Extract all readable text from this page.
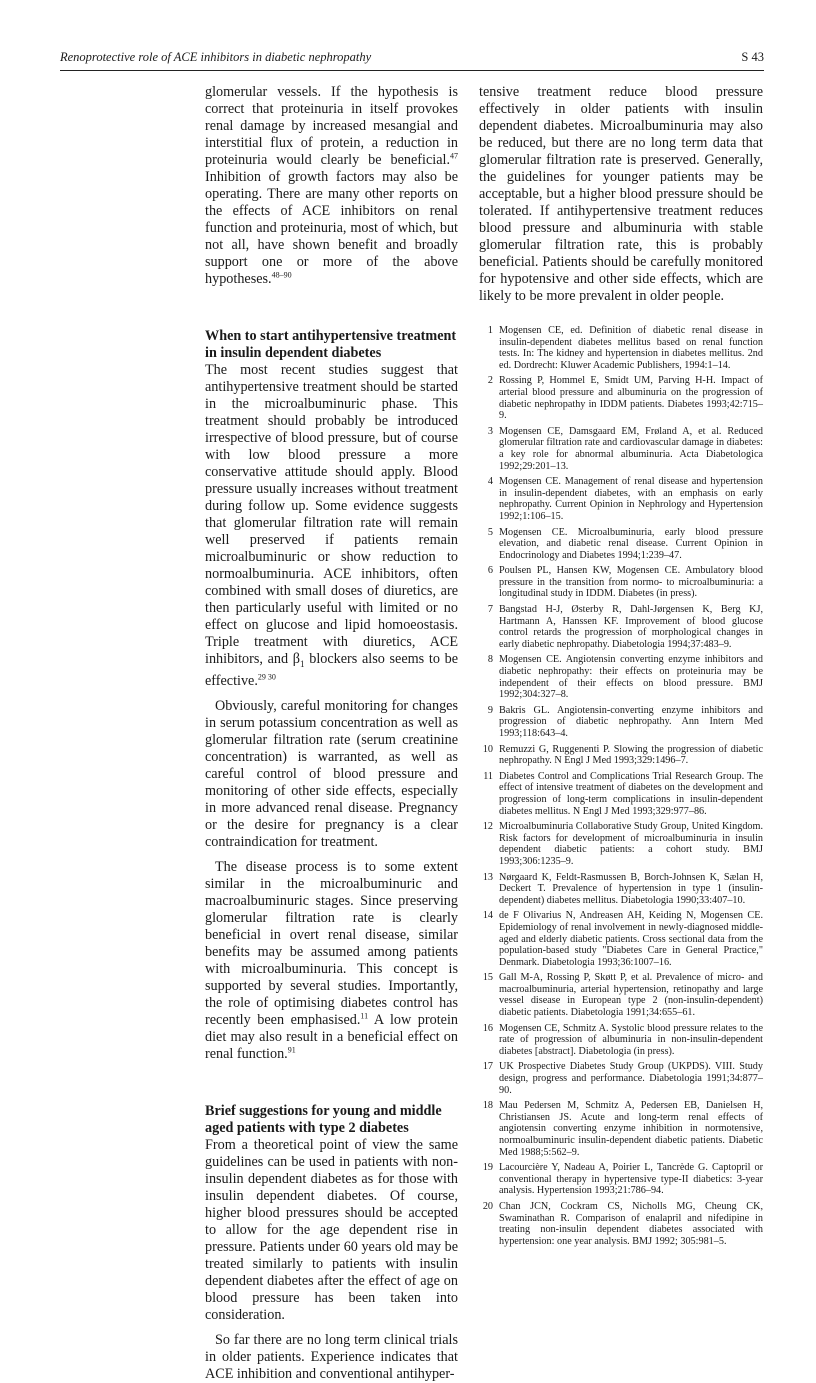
Renoprotective role of ACE inhibitors in diabetic nephropathy	S 43

glomerular vessels. If the hypothesis is correct that proteinuria in itself provokes renal damage by increased mesangial and interstitial flux of protein, a reduction in proteinuria would clearly be beneficial.$^{47}$ Inhibition of growth factors may also be operating. There are many other reports on the effects of ACE inhibitors on renal function and proteinuria, most of which, but not all, have shown benefit and broadly support one or more of the above hypotheses.$^{48-90}$

When to start antihypertensive treatment in insulin dependent diabetes

The most recent studies suggest that antihypertensive treatment should be started in the microalbuminuric phase. This treatment should probably be introduced irrespective of blood pressure, but of course with low blood pressure a more conservative attitude should apply. Blood pressure usually increases without treatment during follow up. Some evidence suggests that glomerular filtration rate will remain well preserved if patients remain microalbuminuric or show reduction to normoalbuminuria. ACE inhibitors, often combined with small doses of diuretics, are then particularly useful with limited or no effect on glucose and lipid homoeostasis. Triple treatment with diuretics, ACE inhibitors, and $\beta_1$ blockers also seems to be effective.$^{29 30}$

Obviously, careful monitoring for changes in serum potassium concentration as well as glomerular filtration rate (serum creatinine concentration) is warranted, as well as careful control of blood pressure and monitoring of other side effects, especially in more advanced renal disease. Pregnancy or the desire for pregnancy is a clear contraindication for treatment.

The disease process is to some extent similar in the microalbuminuric and macroalbuminuric stages. Since preserving glomerular filtration rate is clearly beneficial in overt renal disease, similar benefits may be assumed among patients with microalbuminuria. This concept is supported by several studies. Importantly, the role of optimising diabetes control has recently been emphasised.$^{11}$ A low protein diet may also result in a beneficial effect on renal function.$^{91}$

Brief suggestions for young and middle aged patients with type 2 diabetes

From a theoretical point of view the same guidelines can be used in patients with non-insulin dependent diabetes as for those with insulin dependent diabetes. Of course, higher blood pressures should be accepted to allow for the age dependent rise in pressure. Patients under 60 years old may be treated similarly to patients with insulin dependent diabetes after the effect of age on blood pressure has been taken into consideration.

So far there are no long term clinical trials in older patients. Experience indicates that ACE inhibition and conventional antihyper-

tensive treatment reduce blood pressure effectively in older patients with insulin dependent diabetes. Microalbuminuria may also be reduced, but there are no long term data that glomerular filtration rate is preserved. Generally, the guidelines for younger patients may be acceptable, but a higher blood pressure should be tolerated. If antihypertensive treatment reduces blood pressure and albuminuria with stable glomerular filtration rate, this is probably beneficial. Patients should be carefully monitored for hypotensive and other side effects, which are likely to be more prevalent in older people.

1 Mogensen CE, ed. Definition of diabetic renal disease in insulin-dependent diabetes mellitus based on renal function tests. In: The kidney and hypertension in diabetes mellitus. 2nd ed. Dordrecht: Kluwer Academic Publishers, 1994:1–14.
2 Rossing P, Hommel E, Smidt UM, Parving H-H. Impact of arterial blood pressure and albuminuria on the progression of diabetic nephropathy in IDDM patients. Diabetes 1993;42:715–9.
3 Mogensen CE, Damsgaard EM, Frøland A, et al. Reduced glomerular filtration rate and cardiovascular damage in diabetes: a key role for abnormal albuminuria. Acta Diabetologica 1992;29:201–13.
4 Mogensen CE. Management of renal disease and hypertension in insulin-dependent diabetes, with an emphasis on early nephropathy. Current Opinion in Nephrology and Hypertension 1992;1:106–15.
5 Mogensen CE. Microalbuminuria, early blood pressure elevation, and diabetic renal disease. Current Opinion in Endocrinology and Diabetes 1994;1:239–47.
6 Poulsen PL, Hansen KW, Mogensen CE. Ambulatory blood pressure in the transition from normo- to microalbuminuria: a longitudinal study in IDDM. Diabetes (in press).
7 Bangstad H-J, Østerby R, Dahl-Jørgensen K, Berg KJ, Hartmann A, Hanssen KF. Improvement of blood glucose control retards the progression of morphological changes in early diabetic nephropathy. Diabetologia 1994;37:483–9.
8 Mogensen CE. Angiotensin converting enzyme inhibitors and diabetic nephropathy: their effects on proteinuria may be independent of their effects on blood pressure. BMJ 1992;304:327–8.
9 Bakris GL. Angiotensin-converting enzyme inhibitors and progression of diabetic nephropathy. Ann Intern Med 1993;118:643–4.
10 Remuzzi G, Ruggenenti P. Slowing the progression of diabetic nephropathy. N Engl J Med 1993;329:1496–7.
11 Diabetes Control and Complications Trial Research Group. The effect of intensive treatment of diabetes on the development and progression of long-term complications in insulin-dependent diabetes mellitus. N Engl J Med 1993;329:977–86.
12 Microalbuminuria Collaborative Study Group, United Kingdom. Risk factors for development of microalbuminuria in insulin dependent diabetic patients: a cohort study. BMJ 1993;306:1235–9.
13 Nørgaard K, Feldt-Rasmussen B, Borch-Johnsen K, Sælan H, Deckert T. Prevalence of hypertension in type 1 (insulin-dependent) diabetes mellitus. Diabetologia 1990;33:407–10.
14 de F Olivarius N, Andreasen AH, Keiding N, Mogensen CE. Epidemiology of renal involvement in newly-diagnosed middle-aged and elderly diabetic patients. Cross sectional data from the population-based study "Diabetes Care in General Practice," Denmark. Diabetologia 1993;36:1007–16.
15 Gall M-A, Rossing P, Skøtt P, et al. Prevalence of micro- and macroalbuminuria, arterial hypertension, retinopathy and large vessel disease in European type 2 (non-insulin-dependent) diabetic patients. Diabetologia 1991;34:655–61.
16 Mogensen CE, Schmitz A. Systolic blood pressure relates to the rate of progression of albuminuria in non-insulin-dependent diabetes [abstract]. Diabetologia (in press).
17 UK Prospective Diabetes Study Group (UKPDS). VIII. Study design, progress and performance. Diabetologia 1991;34:877–90.
18 Mau Pedersen M, Schmitz A, Pedersen EB, Danielsen H, Christiansen JS. Acute and long-term renal effects of angiotensin converting enzyme inhibition in normotensive, normoalbuminuric insulin-dependent diabetic patients. Diabetic Med 1988;5:562–9.
19 Lacourcière Y, Nadeau A, Poirier L, Tancrède G. Captopril or conventional therapy in hypertensive type-II diabetics: 3-year analysis. Hypertension 1993;21:786–94.
20 Chan JCN, Cockram CS, Nicholls MG, Cheung CK, Swaminathan R. Comparison of enalapril and nifedipine in treating non-insulin dependent diabetes associated with hypertension: one year analysis. BMJ 1992; 305:981–5.
